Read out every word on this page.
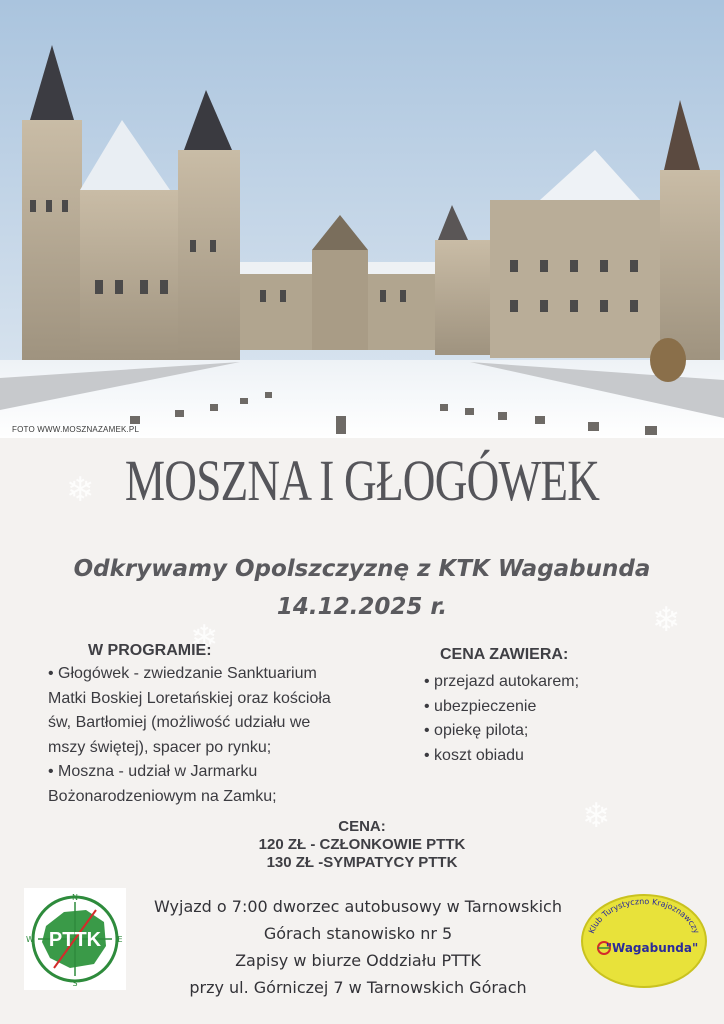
FOTO WWW.MOSZNAZAMEK.PL
❄
❄	❄
❄
MOSZNA I GŁOGÓWEK
Odkrywamy Opolszczyznę z KTK Wagabunda
14.12.2025 r.
W PROGRAMIE:
• Głogówek - zwiedzanie Sanktuarium
Matki Boskiej Loretańskiej oraz kościoła
św, Bartłomiej (możliwość udziału we
mszy świętej), spacer po rynku;
• Moszna - udział w Jarmarku
Bożonarodzeniowym na Zamku;
CENA ZAWIERA:
• przejazd autokarem;
• ubezpieczenie
• opiekę pilota;
• koszt obiadu
CENA:
120 ZŁ - CZŁONKOWIE PTTK
130 ZŁ -SYMPATYCY PTTK
PTTK
N
S
W	E
Wyjazd o 7:00 dworzec autobusowy w Tarnowskich
Górach stanowisko nr 5
Zapisy w biurze Oddziału PTTK
przy ul. Górniczej 7 w Tarnowskich Górach
Klub Turystyczno Krajoznawczy
"Wagabunda"
